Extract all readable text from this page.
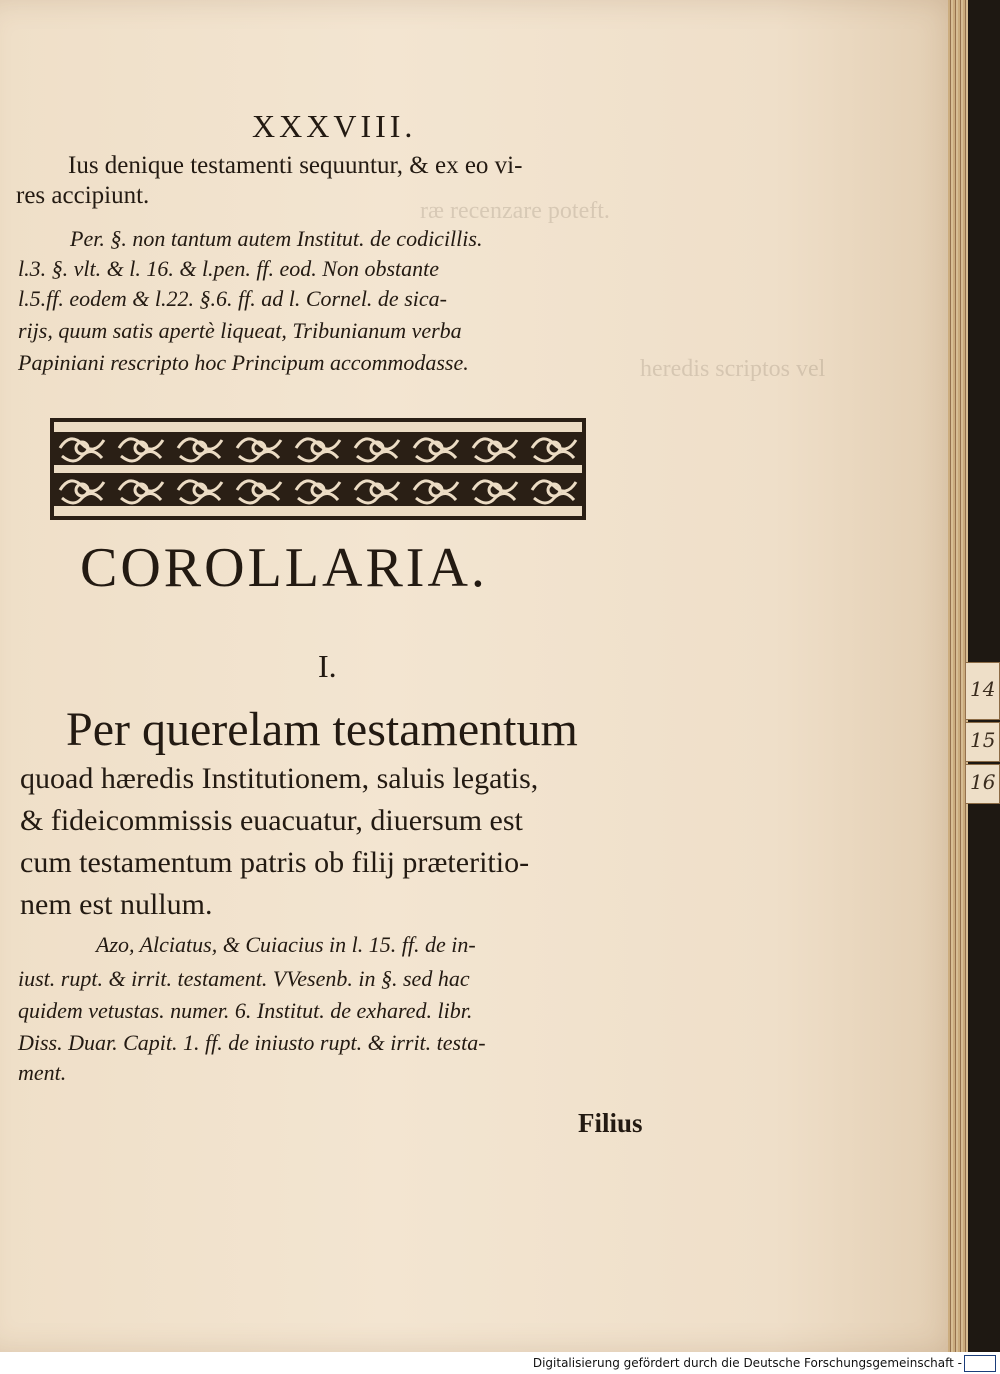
ræ recenzare poteft.
heredis scriptos vel
XXXVIII.
Ius denique testamenti sequuntur, & ex eo vi-
res accipiunt.
Per. §. non tantum autem Institut. de codicillis.
l.3. §. vlt. & l. 16. & l.pen. ff. eod. Non obstante
l.5.ff. eodem & l.22. §.6. ff. ad l. Cornel. de sica-
rijs, quum satis apertè liqueat, Tribunianum verba
Papiniani rescripto hoc Principum accommodasse.
COROLLARIA.
I.
Per querelam testamentum
quoad hæredis Institutionem, saluis legatis,
& fideicommissis euacuatur, diuersum est
cum testamentum patris ob filij præteritio-
nem est nullum.
Azo, Alciatus, & Cuiacius in l. 15. ff. de in-
iust. rupt. & irrit. testament. VVesenb. in §. sed hac
quidem vetustas. numer. 6. Institut. de exhared. libr.
Diss. Duar. Capit. 1. ff. de iniusto rupt. & irrit. testa-
ment.
Filius
14
15
16
Digitalisierung gefördert durch die Deutsche Forschungsgemeinschaft -
